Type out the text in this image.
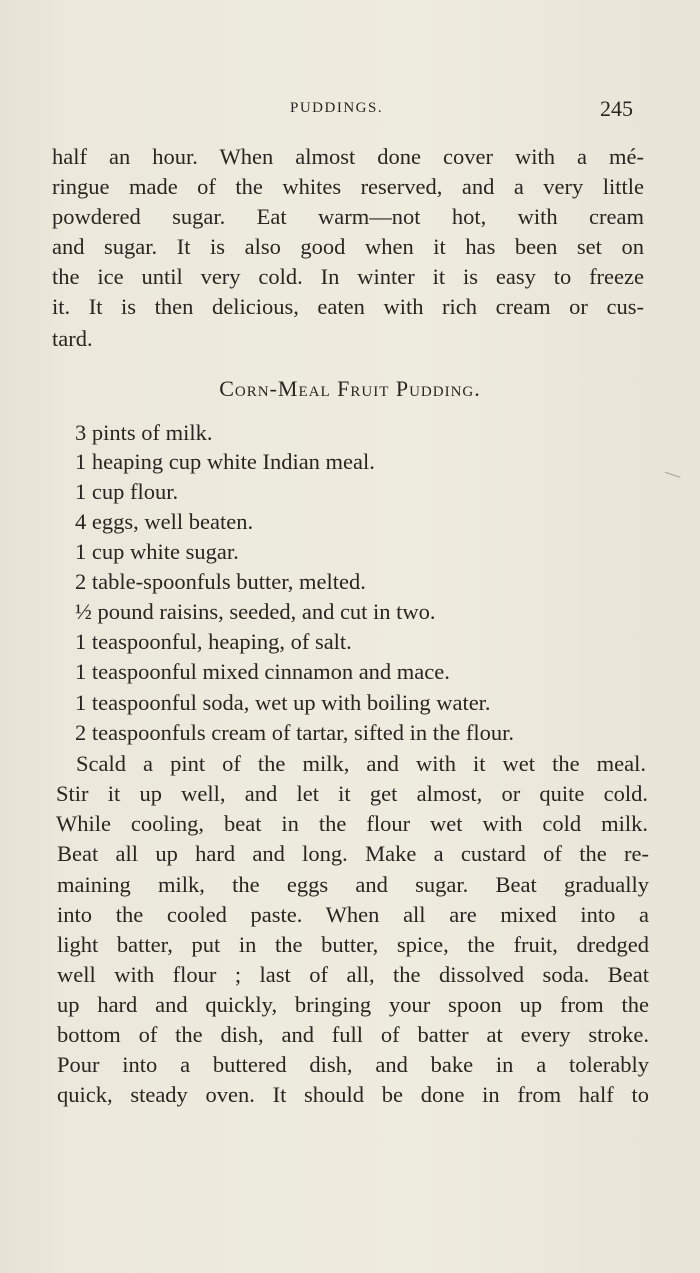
PUDDINGS.	245
half an hour. When almost done cover with a mé-
ringue made of the whites reserved, and a very little
powdered sugar. Eat warm—not hot, with cream
and sugar. It is also good when it has been set on
the ice until very cold. In winter it is easy to freeze
it. It is then delicious, eaten with rich cream or cus-
tard.
Corn-Meal Fruit Pudding.
3 pints of milk.
1 heaping cup white Indian meal.
1 cup flour.
4 eggs, well beaten.
1 cup white sugar.
2 table-spoonfuls butter, melted.
½ pound raisins, seeded, and cut in two.
1 teaspoonful, heaping, of salt.
1 teaspoonful mixed cinnamon and mace.
1 teaspoonful soda, wet up with boiling water.
2 teaspoonfuls cream of tartar, sifted in the flour.
Scald a pint of the milk, and with it wet the meal.
Stir it up well, and let it get almost, or quite cold.
While cooling, beat in the flour wet with cold milk.
Beat all up hard and long. Make a custard of the re-
maining milk, the eggs and sugar. Beat gradually
into the cooled paste. When all are mixed into a
light batter, put in the butter, spice, the fruit, dredged
well with flour ; last of all, the dissolved soda. Beat
up hard and quickly, bringing your spoon up from the
bottom of the dish, and full of batter at every stroke.
Pour into a buttered dish, and bake in a tolerably
quick, steady oven. It should be done in from half to
